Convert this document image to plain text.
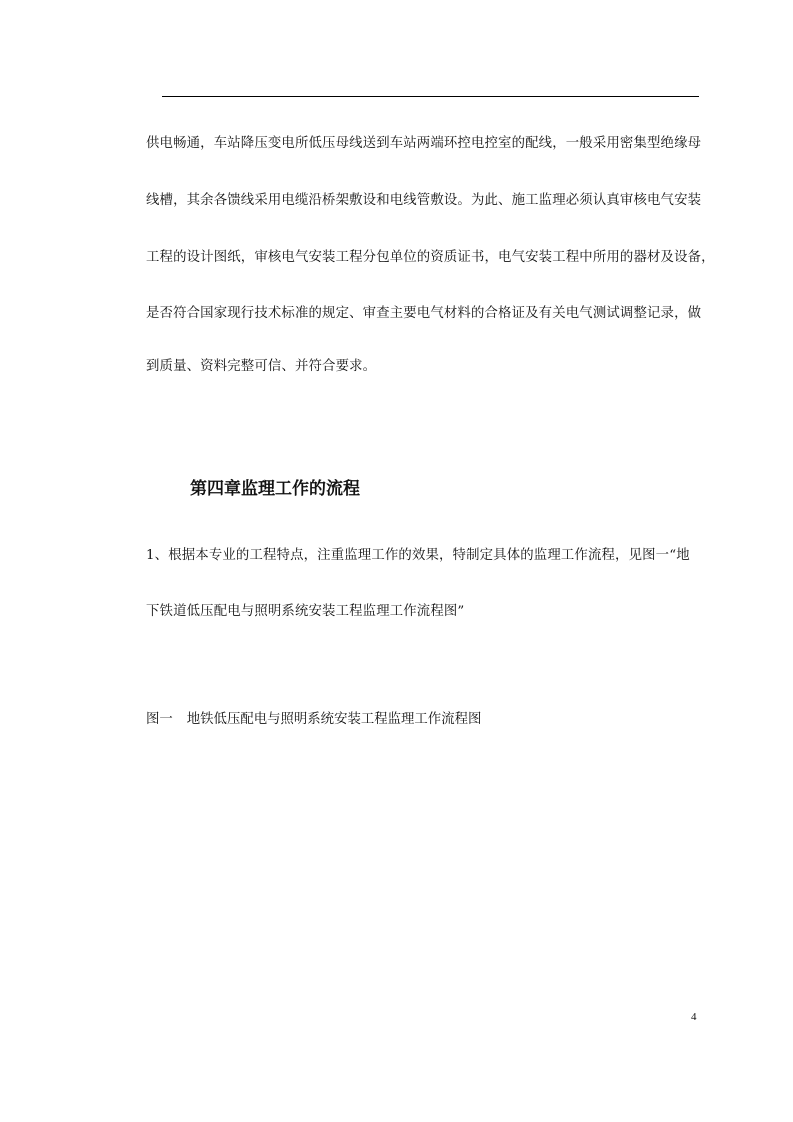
供电畅通，车站降压变电所低压母线送到车站两端环控电控室的配线，一般采用密集型绝缘母
线槽，其余各馈线采用电缆沿桥架敷设和电线管敷设。为此、施工监理必须认真审核电气安装
工程的设计图纸，审核电气安装工程分包单位的资质证书，电气安装工程中所用的器材及设备，
是否符合国家现行技术标准的规定、审查主要电气材料的合格证及有关电气测试调整记录，做
到质量、资料完整可信、并符合要求。
第四章监理工作的流程
1、根据本专业的工程特点，注重监理工作的效果，特制定具体的监理工作流程，见图一“地
下铁道低压配电与照明系统安装工程监理工作流程图”
图一 地铁低压配电与照明系统安装工程监理工作流程图
4
